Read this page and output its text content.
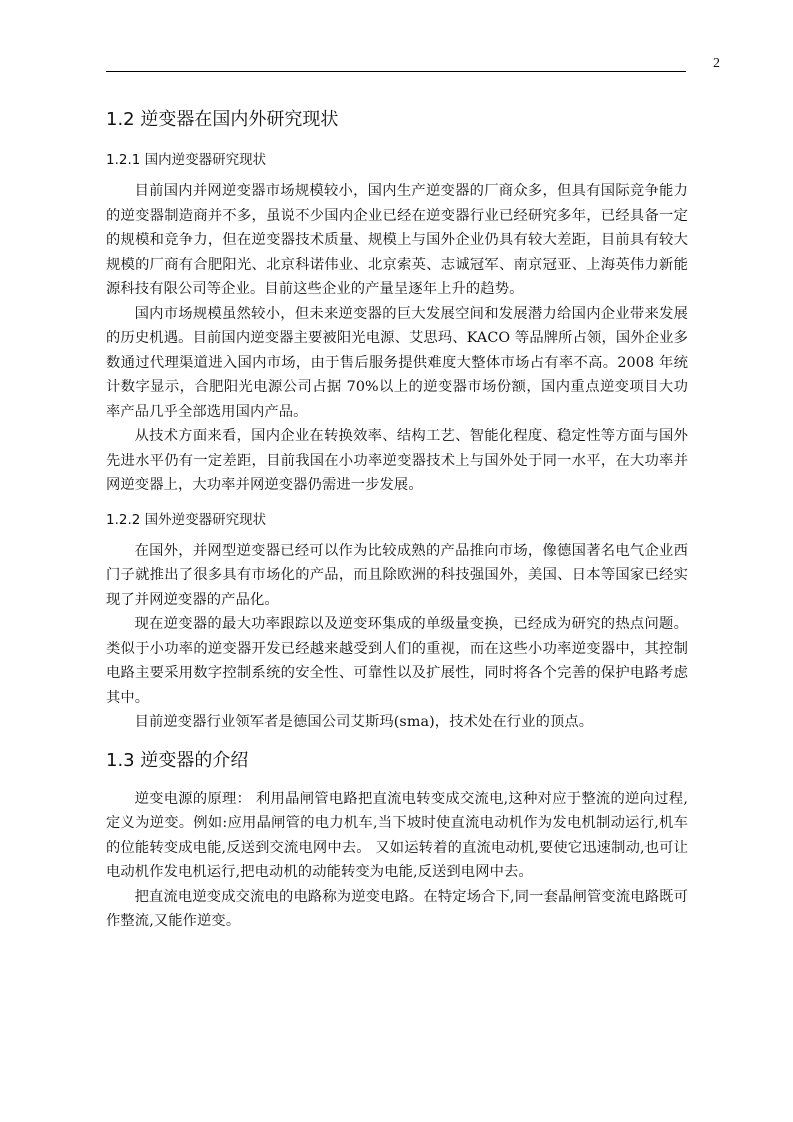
2
1.2 逆变器在国内外研究现状
1.2.1 国内逆变器研究现状

目前国内并网逆变器市场规模较小，国内生产逆变器的厂商众多，但具有国际竞争能力的逆变器制造商并不多，虽说不少国内企业已经在逆变器行业已经研究多年，已经具备一定的规模和竞争力，但在逆变器技术质量、规模上与国外企业仍具有较大差距，目前具有较大规模的厂商有合肥阳光、北京科诺伟业、北京索英、志诚冠军、南京冠亚、上海英伟力新能源科技有限公司等企业。目前这些企业的产量呈逐年上升的趋势。

国内市场规模虽然较小，但未来逆变器的巨大发展空间和发展潜力给国内企业带来发展的历史机遇。目前国内逆变器主要被阳光电源、艾思玛、KACO 等品牌所占领，国外企业多数通过代理渠道进入国内市场，由于售后服务提供难度大整体市场占有率不高。2008 年统计数字显示，合肥阳光电源公司占据 70%以上的逆变器市场份额，国内重点逆变项目大功率产品几乎全部选用国内产品。

从技术方面来看，国内企业在转换效率、结构工艺、智能化程度、稳定性等方面与国外先进水平仍有一定差距，目前我国在小功率逆变器技术上与国外处于同一水平，在大功率并网逆变器上，大功率并网逆变器仍需进一步发展。

1.2.2 国外逆变器研究现状

在国外，并网型逆变器已经可以作为比较成熟的产品推向市场，像德国著名电气企业西门子就推出了很多具有市场化的产品，而且除欧洲的科技强国外，美国、日本等国家已经实现了并网逆变器的产品化。

现在逆变器的最大功率跟踪以及逆变环集成的单级量变换，已经成为研究的热点问题。类似于小功率的逆变器开发已经越来越受到人们的重视，而在这些小功率逆变器中，其控制电路主要采用数字控制系统的安全性、可靠性以及扩展性，同时将各个完善的保护电路考虑其中。

目前逆变器行业领军者是德国公司艾斯玛(sma)，技术处在行业的顶点。

1.3 逆变器的介绍

逆变电源的原理： 利用晶闸管电路把直流电转变成交流电,这种对应于整流的逆向过程,定义为逆变。例如:应用晶闸管的电力机车,当下坡时使直流电动机作为发电机制动运行,机车的位能转变成电能,反送到交流电网中去。 又如运转着的直流电动机,要使它迅速制动,也可让电动机作发电机运行,把电动机的动能转变为电能,反送到电网中去。

把直流电逆变成交流电的电路称为逆变电路。在特定场合下,同一套晶闸管变流电路既可作整流,又能作逆变。
